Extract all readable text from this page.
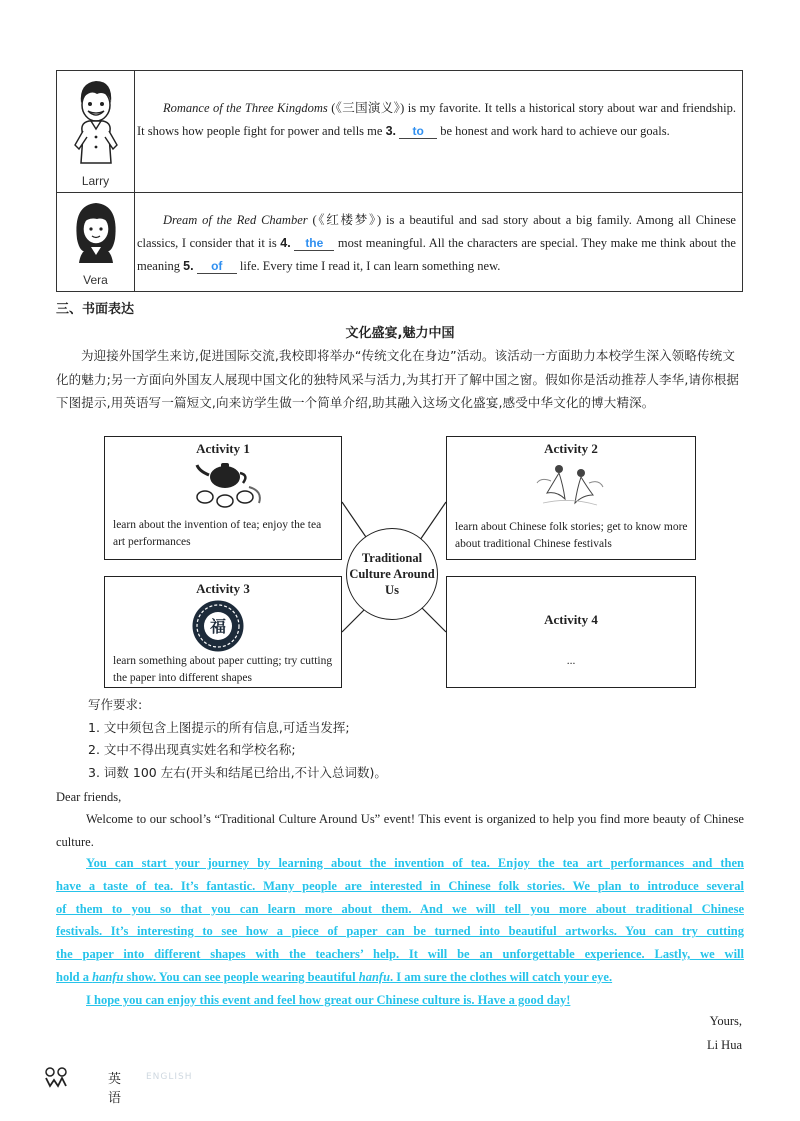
Larry
Romance of the Three Kingdoms (《三国演义》) is my favorite. It tells a historical story about war and friendship. It shows how people fight for power and tells me 3. to be honest and work hard to achieve our goals.
Vera
Dream of the Red Chamber (《红楼梦》) is a beautiful and sad story about a big family. Among all Chinese classics, I consider that it is 4. the most meaningful. All the characters are special. They make me think about the meaning 5. of life. Every time I read it, I can learn something new.
三、书面表达
文化盛宴,魅力中国
为迎接外国学生来访,促进国际交流,我校即将举办“传统文化在身边”活动。该活动一方面助力本校学生深入领略传统文化的魅力;另一方面向外国友人展现中国文化的独特风采与活力,为其打开了解中国之窗。假如你是活动推荐人李华,请你根据下图提示,用英语写一篇短文,向来访学生做一个简单介绍,助其融入这场文化盛宴,感受中华文化的博大精深。
Activity 1
learn about the invention of tea; enjoy the tea art performances
Activity 2
learn about Chinese folk stories; get to know more about traditional Chinese festivals
Activity 3
福
learn something about paper cutting; try cutting the paper into different shapes
Activity 4
...
Traditional Culture Around Us
写作要求:
1. 文中须包含上图提示的所有信息,可适当发挥;
2. 文中不得出现真实姓名和学校名称;
3. 词数 100 左右(开头和结尾已给出,不计入总词数)。
Dear friends,
Welcome to our school’s “Traditional Culture Around Us” event! This event is organized to help you find more beauty of Chinese culture.
You can start your journey by learning about the invention of tea. Enjoy the tea art performances and then
have a taste of tea. It’s fantastic. Many people are interested in Chinese folk stories. We plan to introduce several
of them to you so that you can learn more about them. And we will tell you more about traditional Chinese
festivals. It’s interesting to see how a piece of paper can be turned into beautiful artworks. You can try cutting
the paper into different shapes with the teachers’ help. It will be an unforgettable experience. Lastly, we will
hold a hanfu show. You can see people wearing beautiful hanfu. I am sure the clothes will catch your eye.
I hope you can enjoy this event and feel how great our Chinese culture is. Have a good day!
Yours,
Li Hua
英语
ENGLISH
